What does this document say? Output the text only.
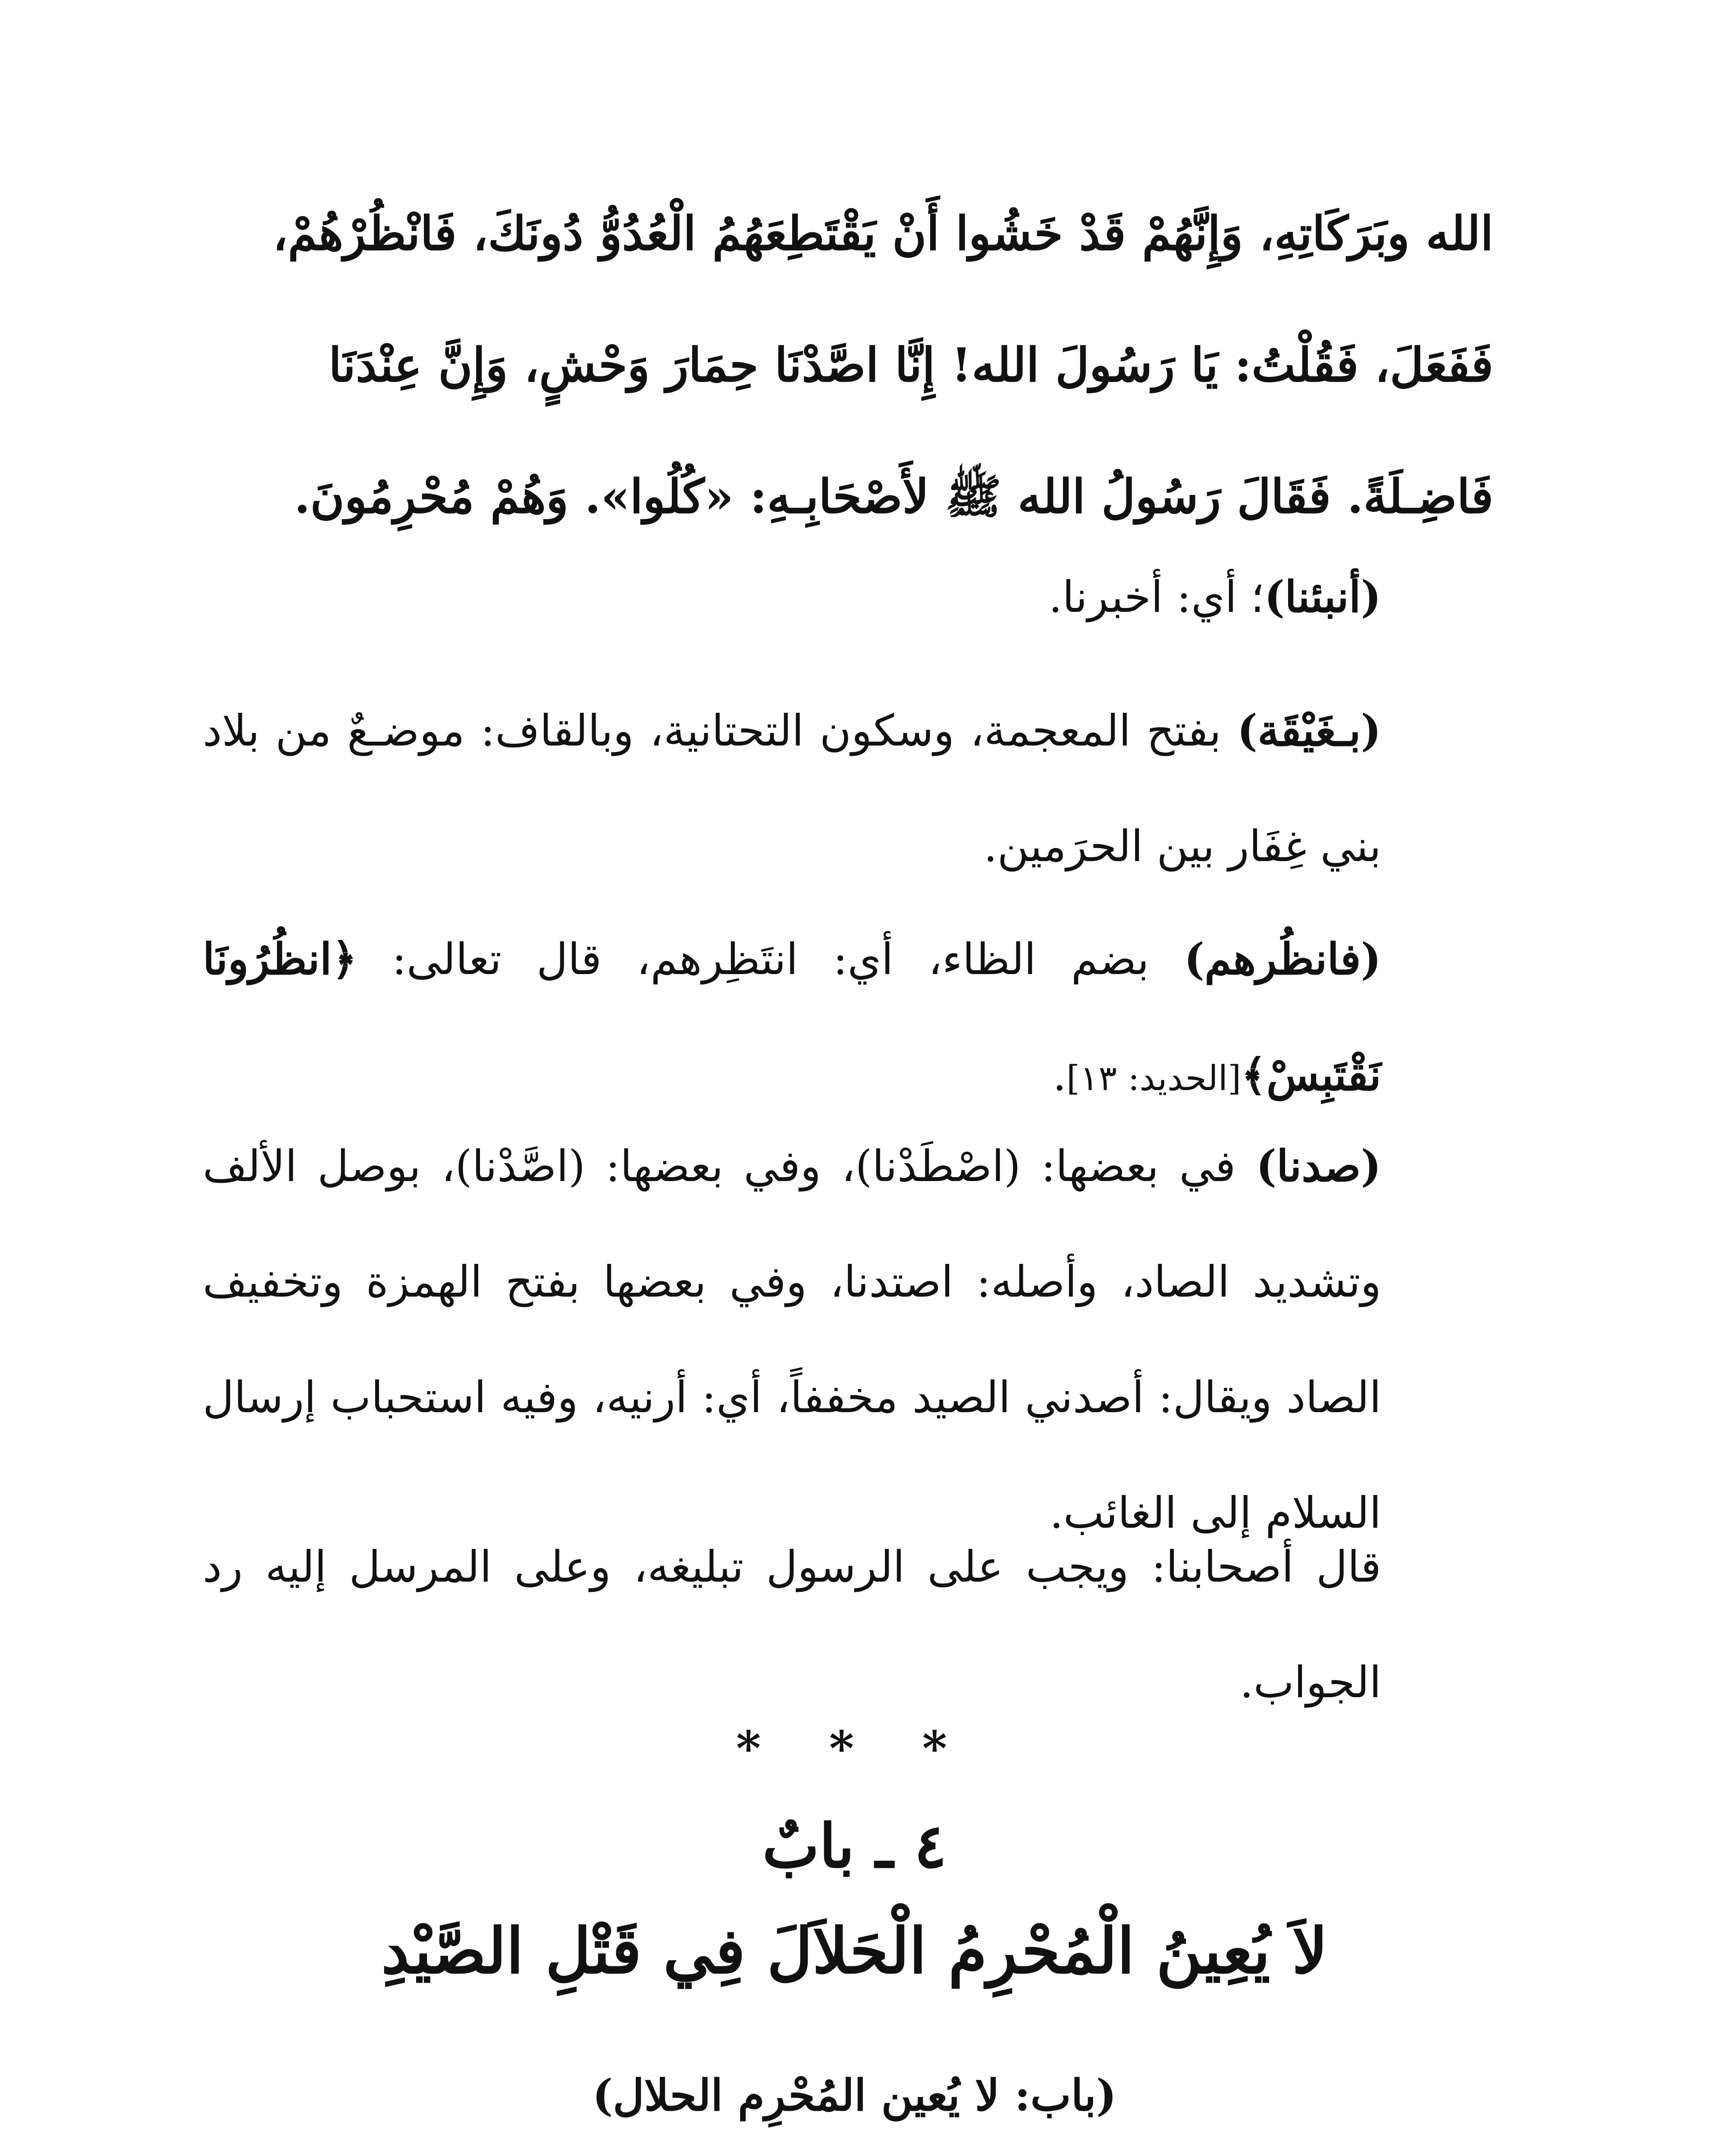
الله وبَرَكَاتِهِ، وَإِنَّهُمْ قَدْ خَشُوا أَنْ يَقْتَطِعَهُمُ الْعُدُوُّ دُونَكَ، فَانْظُرْهُمْ،

فَفَعَلَ، فَقُلْتُ: يَا رَسُولَ الله! إِنَّا اصَّدْنَا حِمَارَ وَحْشٍ، وَإِنَّ عِنْدَنَا

فَاضِـلَةً. فَقَالَ رَسُولُ الله ﷺ لأَصْحَابِـهِ: «كُلُوا». وَهُمْ مُحْرِمُونَ.

(أنبئنا)؛ أي: أخبرنا.

(بـغَيْقَة) بفتح المعجمة، وسكون التحتانية، وبالقاف: موضـعٌ من بلاد بني غِفَار بين الحرَمين.

(فانظُرهم) بضم الظاء، أي: انتَظِرهم، قال تعالى: ﴿انظُرُونَا نَقْتَبِسْ﴾[الحديد: ١٣].

(صدنا) في بعضها: (اصْطَدْنا)، وفي بعضها: (اصَّدْنا)، بوصل الألف وتشديد الصاد، وأصله: اصتدنا، وفي بعضها بفتح الهمزة وتخفيف الصاد ويقال: أصدني الصيد مخففاً، أي: أرنيه، وفيه استحباب إرسال السلام إلى الغائب.

قال أصحابنا: ويجب على الرسول تبليغه، وعلى المرسل إليه رد الجواب.

* * *
٤ ـ بابٌ
لاَ يُعِينُ الْمُحْرِمُ الْحَلاَلَ فِي قَتْلِ الصَّيْدِ
(باب: لا يُعين المُحْرِم الحلال)
